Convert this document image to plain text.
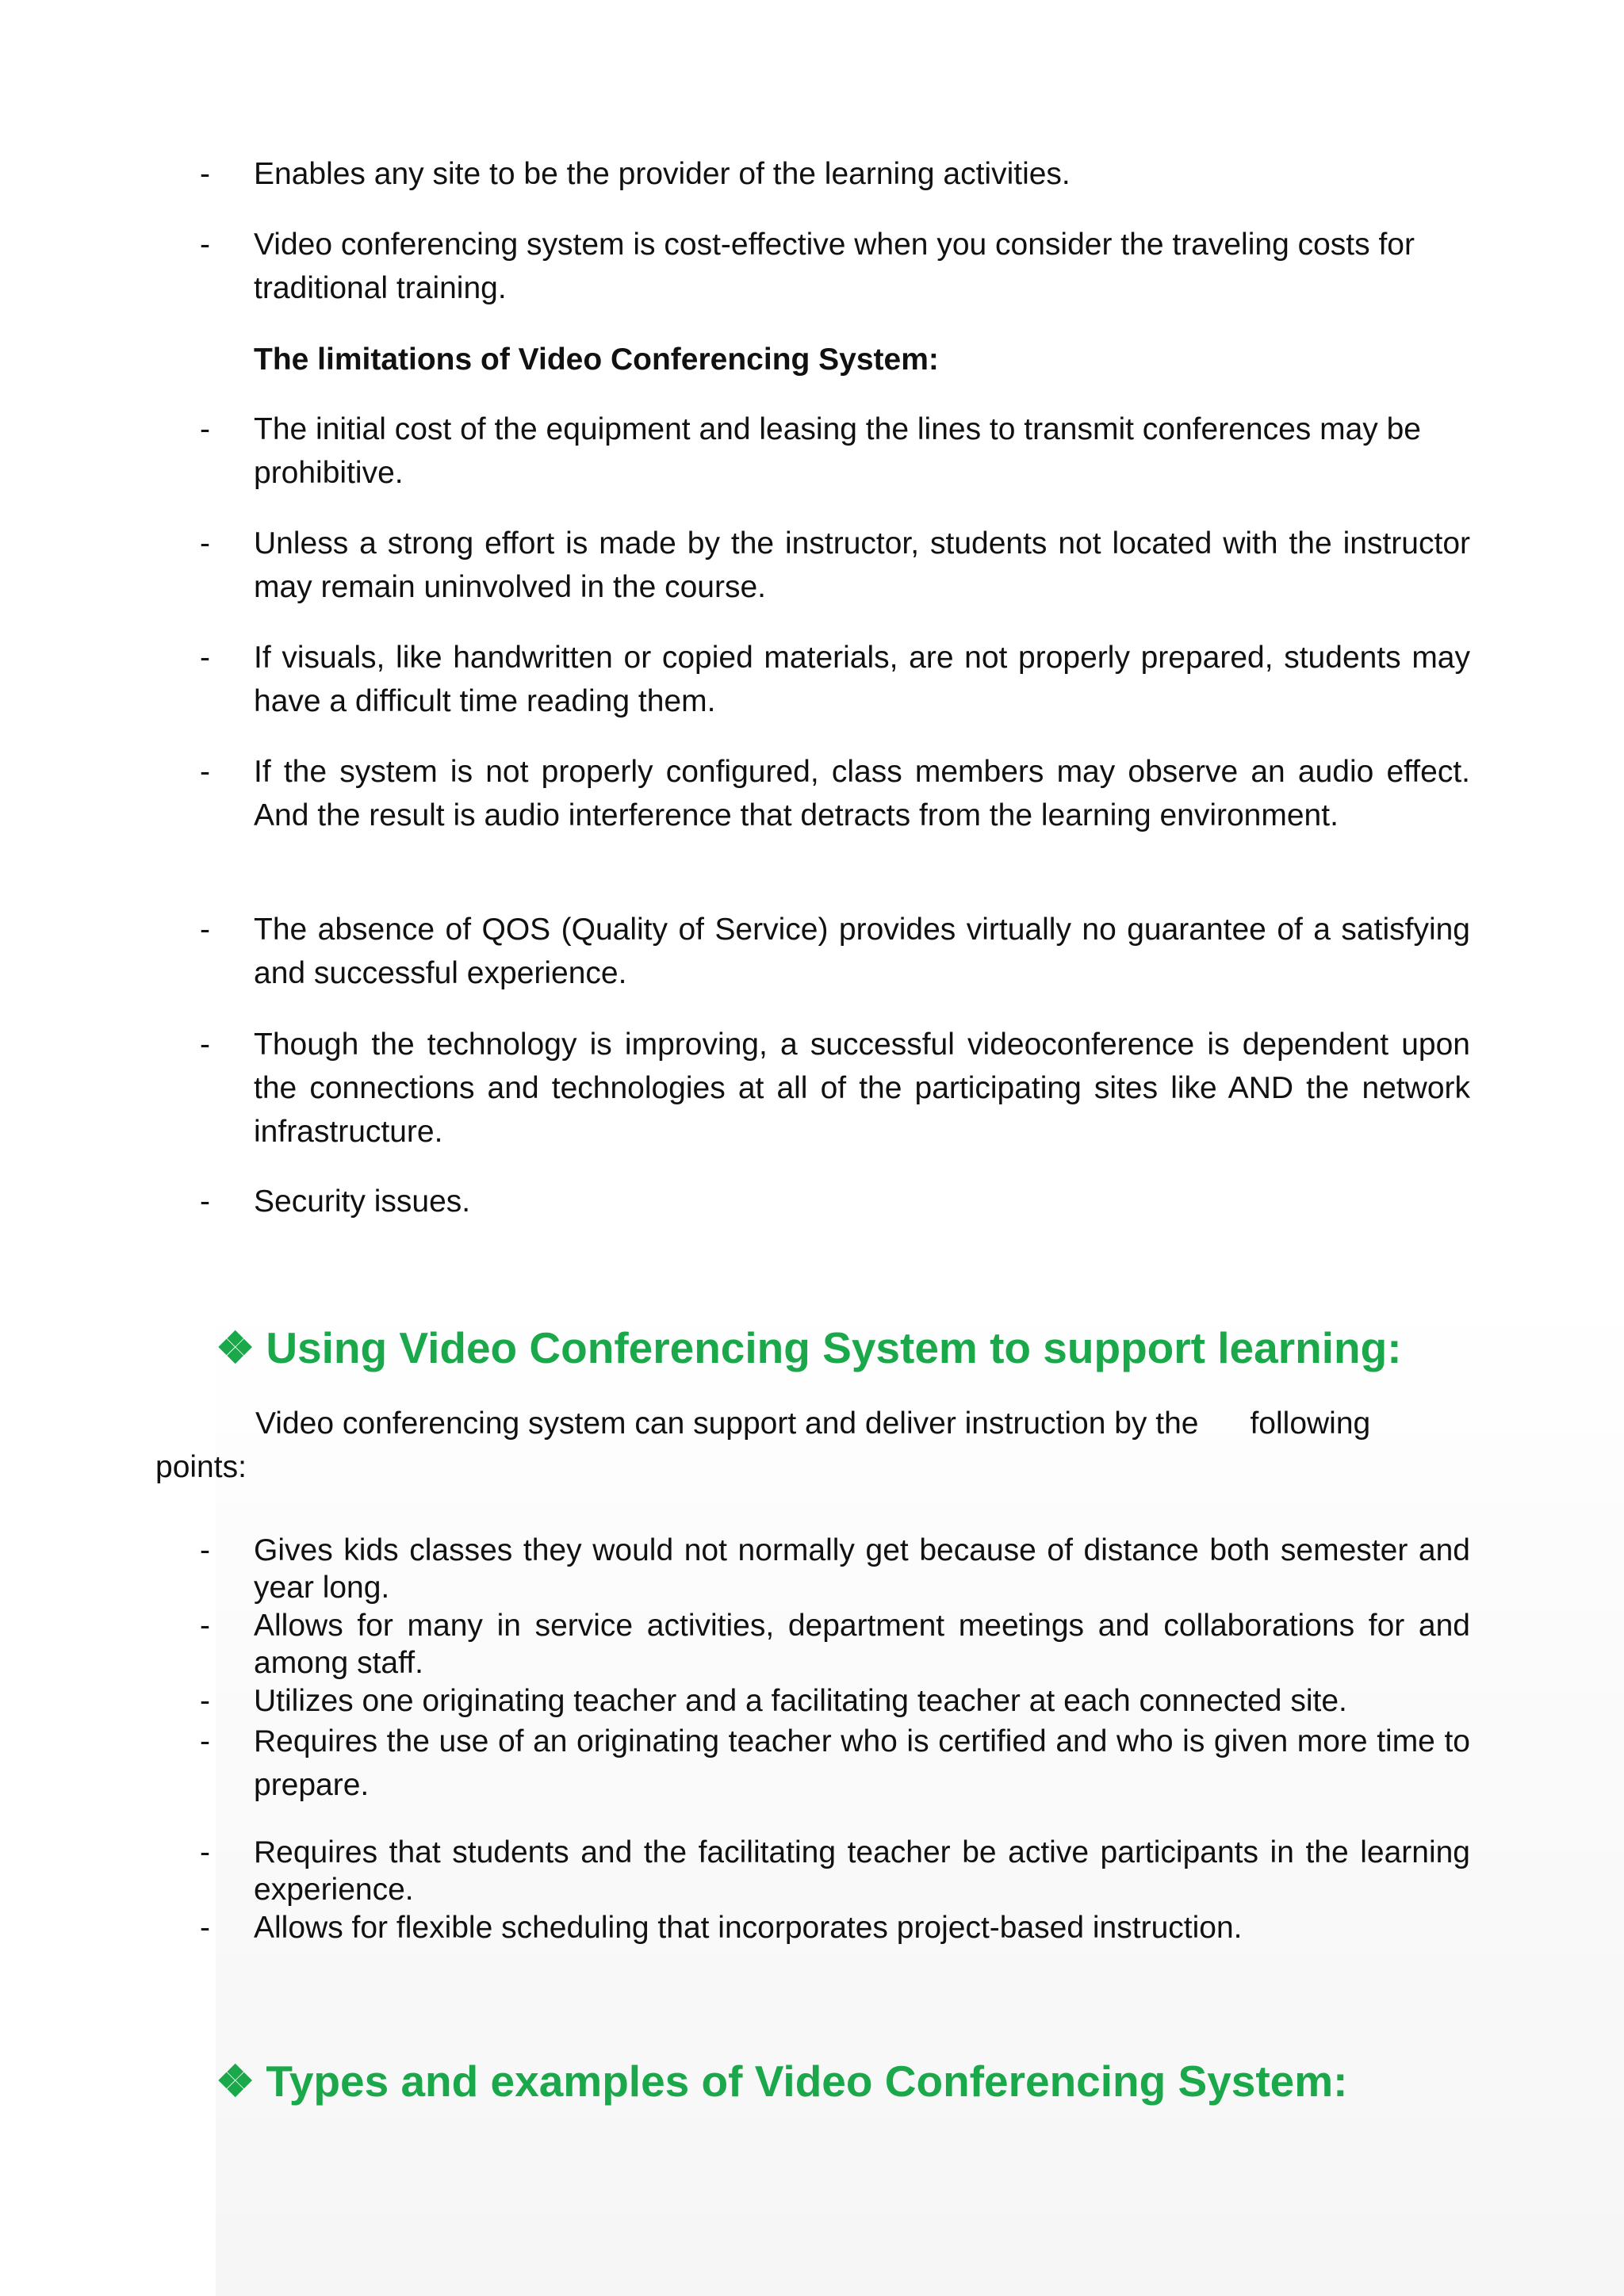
-	Enables any site to be the provider of the learning activities.
-	Video conferencing system is cost-effective when you consider the traveling costs for traditional training.
The limitations of Video Conferencing System:
-	The initial cost of the equipment and leasing the lines to transmit conferences may be prohibitive.
-	Unless a strong effort is made by the instructor, students not located with the instructor may remain uninvolved in the course.
-	If visuals, like handwritten or copied materials, are not properly prepared, students may have a difficult time reading them.
-	If the system is not properly configured, class members may observe an audio effect. And the result is audio interference that detracts from the learning environment.
-	The absence of QOS (Quality of Service) provides virtually no guarantee of a satisfying and successful experience.
-	Though the technology is improving, a successful videoconference is dependent upon the connections and technologies at all of the participating sites like AND the network infrastructure.
-	Security issues.
❖ Using Video Conferencing System to support learning:
Video conferencing system can support and deliver instruction by the      following
points:
-	Gives kids classes they would not normally get because of distance both semester and year long.
-	Allows for many in service activities, department meetings and collaborations for and among staff.
-	Utilizes one originating teacher and a facilitating teacher at each connected site.
-	Requires the use of an originating teacher who is certified and who is given more time to prepare.
-	Requires that students and the facilitating teacher be active participants in the learning experience.
-	Allows for flexible scheduling that incorporates project-based instruction.
❖ Types and examples of Video Conferencing System:
